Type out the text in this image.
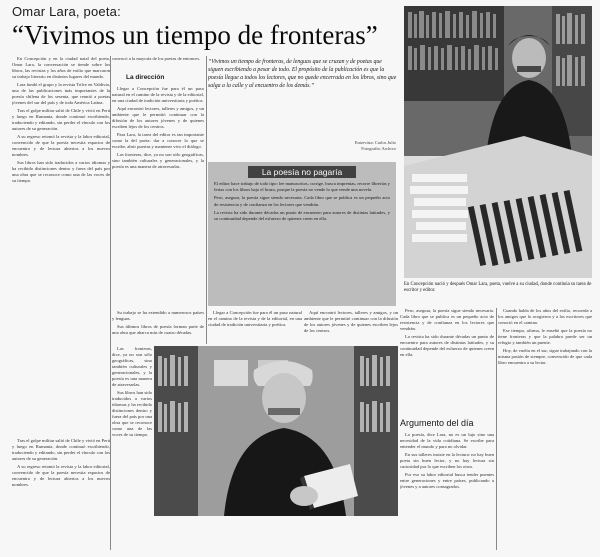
Omar Lara, poeta:
“Vivimos un tiempo de fronteras”

En Concepción y en la ciudad natal del poeta, Omar Lara, la conversación se tiende sobre los libros, las revistas y los años de exilio que marcaron su trabajo literario en distintos lugares del mundo.

Lara fundó el grupo y la revista Trilce en Valdivia, una de las publicaciones más importantes de la poesía chilena de los sesenta, que reunió a poetas jóvenes del sur del país y de toda América Latina.

Tras el golpe militar salió de Chile y vivió en Perú y luego en Rumania, donde continuó escribiendo, traduciendo y editando, sin perder el vínculo con los autores de su generación.

A su regreso retomó la revista y la labor editorial, convencido de que la poesía necesita espacios de encuentro y de lectura abiertos a los nuevos nombres.

Sus libros han sido traducidos a varios idiomas y ha recibido distinciones dentro y fuera del país por una obra que se reconoce como una de las voces de su tiempo.

convocó a la mayoría de los poetas de entonces.

La dirección

Llegar a Concepción fue para él un paso natural en el camino de la revista y de la editorial, en una ciudad de tradición universitaria y poética.

Aquí encontró lectores, talleres y amigos, y un ambiente que le permitió continuar con la difusión de los autores jóvenes y de quienes escriben lejos de los centros.

Para Lara, la tarea del editor es tan importante como la del poeta: dar a conocer lo que se escribe, abrir puertas y mantener vivo el diálogo.

Las fronteras, dice, ya no son sólo geográficas, sino también culturales y generacionales, y la poesía es una manera de atravesarlas.

“Vivimos un tiempo de fronteras, de lenguas que se cruzan y de poetas que siguen escribiendo a pesar de todo. El propósito de la publicación es que la poesía llegue a todos los lectores, que no quede encerrada en los libros, sino que salga a la calle y al encuentro de los demás.”
Entrevista: Carlos Julio
Fotografía: Archivo
La poesía no pagaría

El editor hace trabajo de todo tipo: lee manuscritos, corrige, busca imprentas, recorre librerías y ferias con los libros bajo el brazo, porque la poesía no vende lo que vende una novela.

Pero, asegura, la poesía sigue siendo necesaria. Cada libro que se publica es un pequeño acto de resistencia y de confianza en los lectores que vendrán.

La revista ha sido durante décadas un punto de encuentro para autores de distintas latitudes, y su continuidad depende del esfuerzo de quienes creen en ella.

En Concepción nació y después Omar Lara, poeta, vuelve a su ciudad, donde continúa su tarea de escritor y editor.

Su trabajo se ha extendido a numerosos países y lenguas.

Sus últimos libros de poesía forman parte de una obra que abarca más de cuatro décadas.

Las fronteras, dice, ya no son sólo geográficas, sino también culturales y generacionales, y la poesía es una manera de atravesarlas.

Sus libros han sido traducidos a varios idiomas y ha recibido distinciones dentro y fuera del país por una obra que se reconoce como una de las voces de su tiempo.

Pero, asegura, la poesía sigue siendo necesaria. Cada libro que se publica es un pequeño acto de resistencia y de confianza en los lectores que vendrán.

La revista ha sido durante décadas un punto de encuentro para autores de distintas latitudes, y su continuidad depende del esfuerzo de quienes creen en ella.

Argumento del día

La poesía, dice Lara, no es un lujo sino una necesidad de la vida cotidiana. Se escribe para entender el mundo y para no olvidar.

En sus talleres insiste en la lectura: no hay buen poeta sin buen lector, y no hay lectura sin curiosidad por lo que escriben los otros.

Por eso su labor editorial busca tender puentes entre generaciones y entre países, publicando a jóvenes y a autores consagrados.

Cuando habla de los años del exilio, recuerda a los amigos que lo acogieron y a los escritores que conoció en el camino.

Ese tiempo, afirma, le enseñó que la poesía no tiene fronteras y que la palabra puede ser un refugio y también un puente.

Hoy, de vuelta en el sur, sigue trabajando con la misma pasión de siempre, convencido de que cada libro encuentra a su lector.

Llegar a Concepción fue para él un paso natural en el camino de la revista y de la editorial, en una ciudad de tradición universitaria y poética.

Aquí encontró lectores, talleres y amigos, y un ambiente que le permitió continuar con la difusión de los autores jóvenes y de quienes escriben lejos de los centros.

Tras el golpe militar salió de Chile y vivió en Perú y luego en Rumania, donde continuó escribiendo, traduciendo y editando, sin perder el vínculo con los autores de su generación.

A su regreso retomó la revista y la labor editorial, convencido de que la poesía necesita espacios de encuentro y de lectura abiertos a los nuevos nombres.
